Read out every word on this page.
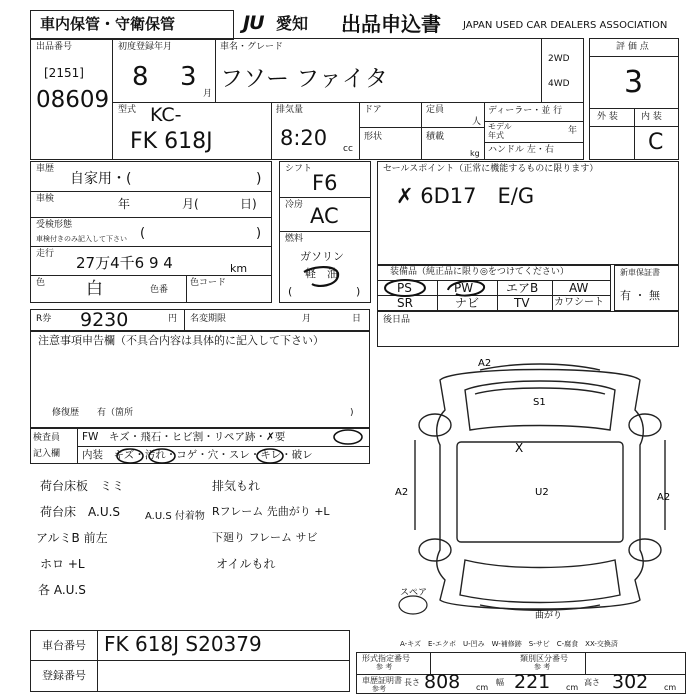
車内保管・守衛保管	JU 愛知 出品申込書 JAPAN USED CAR DEALERS ASSOCIATION
出品番号
[2151]
08609
初度登録年月
8 3
月
車名・グレード
フソー ファイタ
2WD
4WD
評 価 点
3
外 装	内 装
C
型式 KC-
FK 618J
排気量
8:20 cc
ドア
形状
定員
人
積載
kg
ディーラー・並 行
モデル
年式	年
ハンドル 左・右
車歴
自家用・(	)
車検	年	月(	日)
受検形態
車検付きのみ記入して下さい (	)
走行 27万4千6 9 4	km
色 白	色番
色コード
シフト
F6
冷房 AC
燃料
ガソリン
軽　油
(	)
セールスポイント（正常に機能するものに限ります）
✗ 6D17　E/G
装備品（純正品に限り◎をつけてください）
PS	PW	エアB	AW
SR	ナビ	TV カワシート
新車保証書
有 ・ 無
R券 9230	円 名変期限	月	日
注意事項申告欄（不具合内容は具体的に記入して下さい）
修復歴　　有（箇所	)
後日品
検査員
記入欄
FW　キズ・飛石・ヒビ割・リペア跡・✗要
内装　キズ・汚れ・コゲ・穴・スレ・キレ・破レ
荷台床板　ミミ
荷台床　A.U.S
アルミB 前左
ホロ +L
各 A.U.S
排気もれ
Rフレーム 先曲がり +L
下廻り フレーム サビ
オイルもれ
A.U.S 付着物
A2
S1
X
U2
A2	A2
スペア
曲がり
A-キズ　E-エクボ　U-凹み　W-補修跡　S-サビ　C-腐食　XX-交換済
車台番号 FK 618J S20379
登録番号
形式指定番号
参 考
類別区分番号
参 考
車歴証明書
参考
長さ 808 cm
幅 221 cm
高さ 302 cm
